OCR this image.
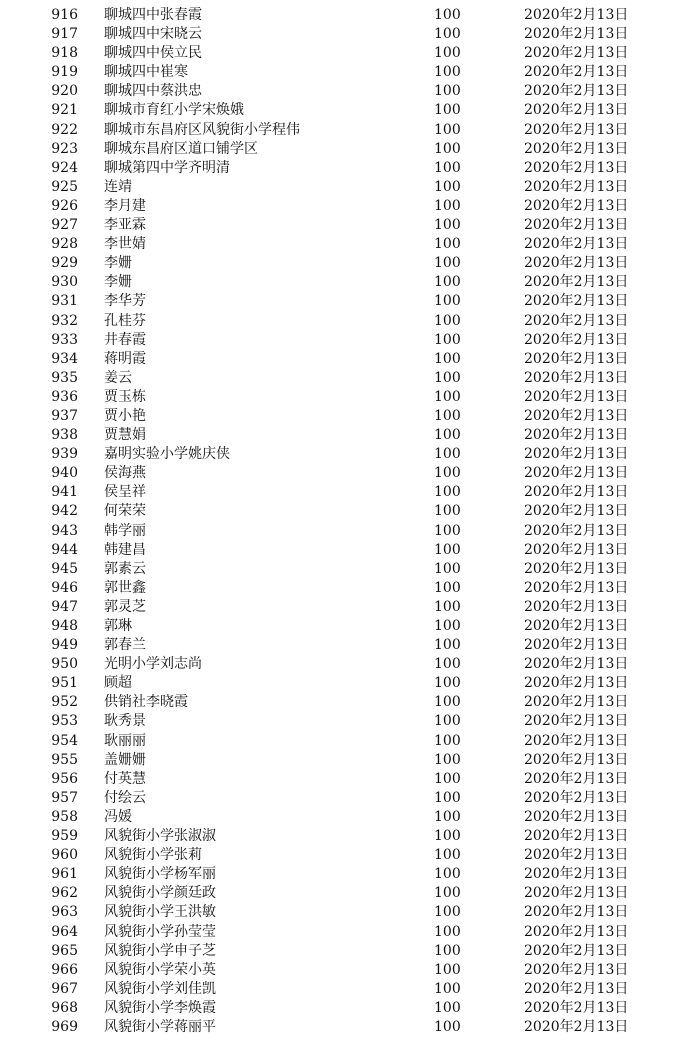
916 聊城四中张春霞	100	2020年2月13日
917 聊城四中宋晓云	100	2020年2月13日
918 聊城四中侯立民	100	2020年2月13日
919 聊城四中崔寒	100	2020年2月13日
920 聊城四中蔡洪忠	100	2020年2月13日
921 聊城市育红小学宋焕娥	100	2020年2月13日
922 聊城市东昌府区风貌街小学程伟	100	2020年2月13日
923 聊城东昌府区道口铺学区	100	2020年2月13日
924 聊城第四中学齐明清	100	2020年2月13日
925 连靖	100	2020年2月13日
926 李月建	100	2020年2月13日
927 李亚霖	100	2020年2月13日
928 李世婧	100	2020年2月13日
929 李姗	100	2020年2月13日
930 李姗	100	2020年2月13日
931 李华芳	100	2020年2月13日
932 孔桂芬	100	2020年2月13日
933 井春霞	100	2020年2月13日
934 蒋明霞	100	2020年2月13日
935 姜云	100	2020年2月13日
936 贾玉栋	100	2020年2月13日
937 贾小艳	100	2020年2月13日
938 贾慧娟	100	2020年2月13日
939 嘉明实验小学姚庆侠	100	2020年2月13日
940 侯海燕	100	2020年2月13日
941 侯呈祥	100	2020年2月13日
942 何荣荣	100	2020年2月13日
943 韩学丽	100	2020年2月13日
944 韩建昌	100	2020年2月13日
945 郭素云	100	2020年2月13日
946 郭世鑫	100	2020年2月13日
947 郭灵芝	100	2020年2月13日
948 郭琳	100	2020年2月13日
949 郭春兰	100	2020年2月13日
950 光明小学刘志尚	100	2020年2月13日
951 顾超	100	2020年2月13日
952 供销社李晓霞	100	2020年2月13日
953 耿秀景	100	2020年2月13日
954 耿丽丽	100	2020年2月13日
955 盖姗姗	100	2020年2月13日
956 付英慧	100	2020年2月13日
957 付绘云	100	2020年2月13日
958 冯媛	100	2020年2月13日
959 风貌街小学张淑淑	100	2020年2月13日
960 风貌街小学张莉	100	2020年2月13日
961 风貌街小学杨军丽	100	2020年2月13日
962 风貌街小学颜廷政	100	2020年2月13日
963 风貌街小学王洪敏	100	2020年2月13日
964 风貌街小学孙莹莹	100	2020年2月13日
965 风貌街小学申子芝	100	2020年2月13日
966 风貌街小学荣小英	100	2020年2月13日
967 风貌街小学刘佳凯	100	2020年2月13日
968 风貌街小学李焕霞	100	2020年2月13日
969 风貌街小学蒋丽平	100	2020年2月13日
